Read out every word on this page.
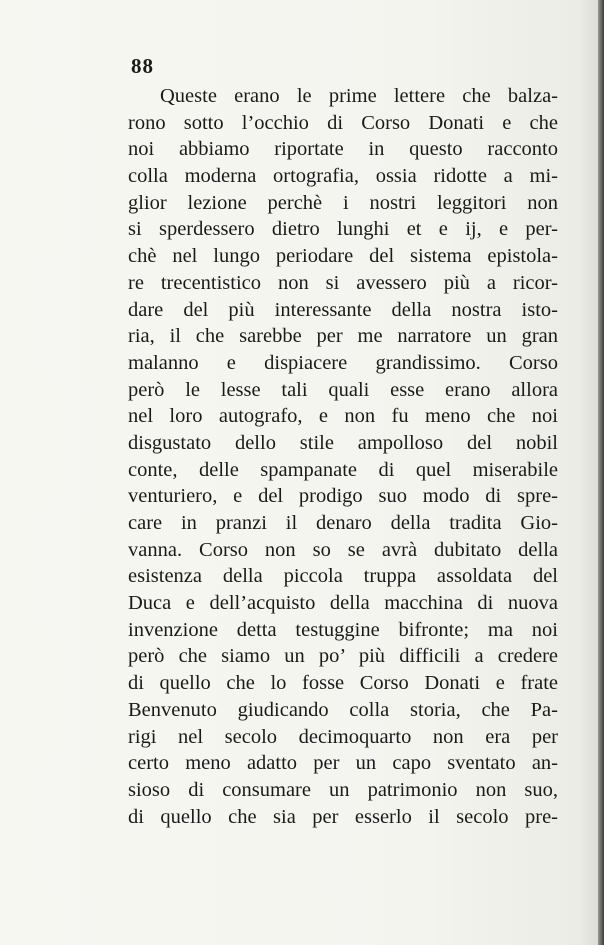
88
Queste erano le prime lettere che balza-
rono sotto l’occhio di Corso Donati e che
noi abbiamo riportate in questo racconto
colla moderna ortografia, ossia ridotte a mi-
glior lezione perchè i nostri leggitori non
si sperdessero dietro lunghi et e ij, e per-
chè nel lungo periodare del sistema epistola-
re trecentistico non si avessero più a ricor-
dare del più interessante della nostra isto-
ria, il che sarebbe per me narratore un gran
malanno e dispiacere grandissimo. Corso
però le lesse tali quali esse erano allora
nel loro autografo, e non fu meno che noi
disgustato dello stile ampolloso del nobil
conte, delle spampanate di quel miserabile
venturiero, e del prodigo suo modo di spre-
care in pranzi il denaro della tradita Gio-
vanna. Corso non so se avrà dubitato della
esistenza della piccola truppa assoldata del
Duca e dell’acquisto della macchina di nuova
invenzione detta testuggine bifronte; ma noi
però che siamo un po’ più difficili a credere
di quello che lo fosse Corso Donati e frate
Benvenuto giudicando colla storia, che Pa-
rigi nel secolo decimoquarto non era per
certo meno adatto per un capo sventato an-
sioso di consumare un patrimonio non suo,
di quello che sia per esserlo il secolo pre-
